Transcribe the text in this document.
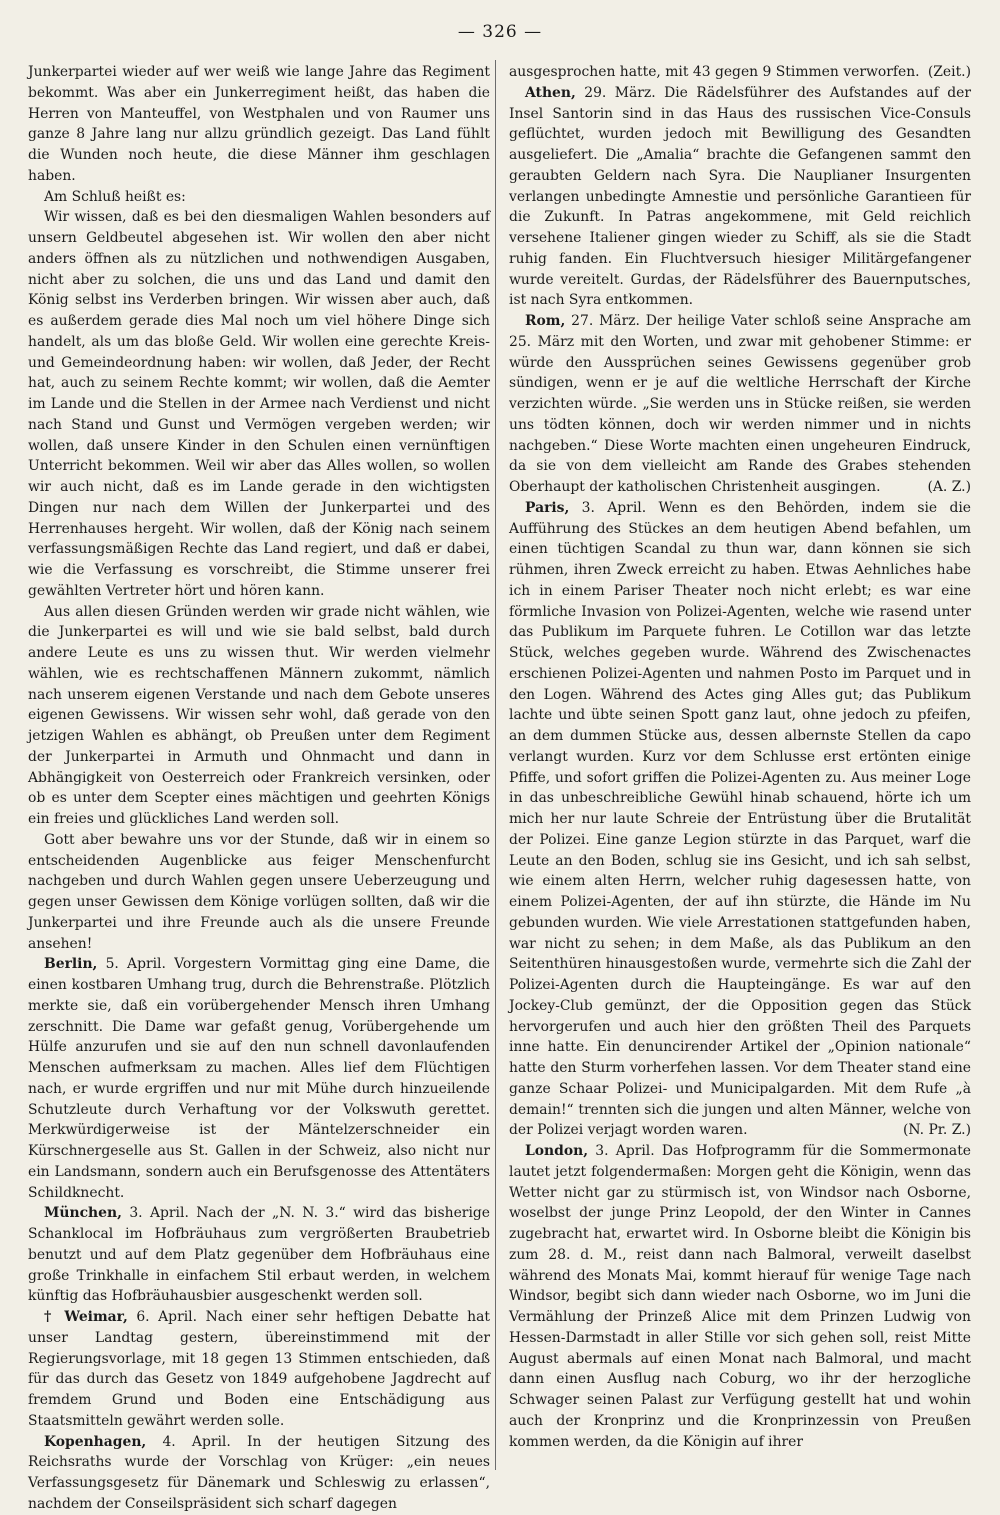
— 326 —

Junkerpartei wieder auf wer weiß wie lange Jahre das Regiment bekommt. Was aber ein Junkerregiment heißt, das haben die Herren von Manteuffel, von Westphalen und von Raumer uns ganze 8 Jahre lang nur allzu gründlich gezeigt. Das Land fühlt die Wunden noch heute, die diese Männer ihm geschlagen haben.

Am Schluß heißt es:

Wir wissen, daß es bei den diesmaligen Wahlen besonders auf unsern Geldbeutel abgesehen ist. Wir wollen den aber nicht anders öffnen als zu nützlichen und nothwendigen Ausgaben, nicht aber zu solchen, die uns und das Land und damit den König selbst ins Verderben bringen. Wir wissen aber auch, daß es außerdem gerade dies Mal noch um viel höhere Dinge sich handelt, als um das bloße Geld. Wir wollen eine gerechte Kreis- und Gemeindeordnung haben: wir wollen, daß Jeder, der Recht hat, auch zu seinem Rechte kommt; wir wollen, daß die Aemter im Lande und die Stellen in der Armee nach Verdienst und nicht nach Stand und Gunst und Vermögen vergeben werden; wir wollen, daß unsere Kinder in den Schulen einen vernünftigen Unterricht bekommen. Weil wir aber das Alles wollen, so wollen wir auch nicht, daß es im Lande gerade in den wichtigsten Dingen nur nach dem Willen der Junkerpartei und des Herrenhauses hergeht. Wir wollen, daß der König nach seinem verfassungsmäßigen Rechte das Land regiert, und daß er dabei, wie die Verfassung es vorschreibt, die Stimme unserer frei gewählten Vertreter hört und hören kann.

Aus allen diesen Gründen werden wir grade nicht wählen, wie die Junkerpartei es will und wie sie bald selbst, bald durch andere Leute es uns zu wissen thut. Wir werden vielmehr wählen, wie es rechtschaffenen Männern zukommt, nämlich nach unserem eigenen Verstande und nach dem Gebote unseres eigenen Gewissens. Wir wissen sehr wohl, daß gerade von den jetzigen Wahlen es abhängt, ob Preußen unter dem Regiment der Junkerpartei in Armuth und Ohnmacht und dann in Abhängigkeit von Oesterreich oder Frankreich versinken, oder ob es unter dem Scepter eines mächtigen und geehrten Königs ein freies und glückliches Land werden soll.

Gott aber bewahre uns vor der Stunde, daß wir in einem so entscheidenden Augenblicke aus feiger Menschenfurcht nachgeben und durch Wahlen gegen unsere Ueberzeugung und gegen unser Gewissen dem Könige vorlügen sollten, daß wir die Junkerpartei und ihre Freunde auch als die unsere Freunde ansehen!

Berlin, 5. April. Vorgestern Vormittag ging eine Dame, die einen kostbaren Umhang trug, durch die Behrenstraße. Plötzlich merkte sie, daß ein vorübergehender Mensch ihren Umhang zerschnitt. Die Dame war gefaßt genug, Vorübergehende um Hülfe anzurufen und sie auf den nun schnell davonlaufenden Menschen aufmerksam zu machen. Alles lief dem Flüchtigen nach, er wurde ergriffen und nur mit Mühe durch hinzueilende Schutzleute durch Verhaftung vor der Volkswuth gerettet. Merkwürdigerweise ist der Mäntelzerschneider ein Kürschnergeselle aus St. Gallen in der Schweiz, also nicht nur ein Landsmann, sondern auch ein Berufsgenosse des Attentäters Schildknecht.

München, 3. April. Nach der „N. N. 3.“ wird das bisherige Schanklocal im Hofbräuhaus zum vergrößerten Braubetrieb benutzt und auf dem Platz gegenüber dem Hofbräuhaus eine große Trinkhalle in einfachem Stil erbaut werden, in welchem künftig das Hofbräuhausbier ausgeschenkt werden soll.

† Weimar, 6. April. Nach einer sehr heftigen Debatte hat unser Landtag gestern, übereinstimmend mit der Regierungsvorlage, mit 18 gegen 13 Stimmen entschieden, daß für das durch das Gesetz von 1849 aufgehobene Jagdrecht auf fremdem Grund und Boden eine Entschädigung aus Staatsmitteln gewährt werden solle.

Kopenhagen, 4. April. In der heutigen Sitzung des Reichsraths wurde der Vorschlag von Krüger: „ein neues Verfassungsgesetz für Dänemark und Schleswig zu erlassen“, nachdem der Conseilspräsident sich scharf dagegen

ausgesprochen hatte, mit 43 gegen 9 Stimmen verworfen. (Zeit.)

Athen, 29. März. Die Rädelsführer des Aufstandes auf der Insel Santorin sind in das Haus des russischen Vice-Consuls geflüchtet, wurden jedoch mit Bewilligung des Gesandten ausgeliefert. Die „Amalia“ brachte die Gefangenen sammt den geraubten Geldern nach Syra. Die Nauplianer Insurgenten verlangen unbedingte Amnestie und persönliche Garantieen für die Zukunft. In Patras angekommene, mit Geld reichlich versehene Italiener gingen wieder zu Schiff, als sie die Stadt ruhig fanden. Ein Fluchtversuch hiesiger Militärgefangener wurde vereitelt. Gurdas, der Rädelsführer des Bauernputsches, ist nach Syra entkommen.

Rom, 27. März. Der heilige Vater schloß seine Ansprache am 25. März mit den Worten, und zwar mit gehobener Stimme: er würde den Aussprüchen seines Gewissens gegenüber grob sündigen, wenn er je auf die weltliche Herrschaft der Kirche verzichten würde. „Sie werden uns in Stücke reißen, sie werden uns tödten können, doch wir werden nimmer und in nichts nachgeben.“ Diese Worte machten einen ungeheuren Eindruck, da sie von dem vielleicht am Rande des Grabes stehenden Oberhaupt der katholischen Christenheit ausgingen.	(A. Z.)

Paris, 3. April. Wenn es den Behörden, indem sie die Aufführung des Stückes an dem heutigen Abend befahlen, um einen tüchtigen Scandal zu thun war, dann können sie sich rühmen, ihren Zweck erreicht zu haben. Etwas Aehnliches habe ich in einem Pariser Theater noch nicht erlebt; es war eine förmliche Invasion von Polizei-Agenten, welche wie rasend unter das Publikum im Parquete fuhren. Le Cotillon war das letzte Stück, welches gegeben wurde. Während des Zwischenactes erschienen Polizei-Agenten und nahmen Posto im Parquet und in den Logen. Während des Actes ging Alles gut; das Publikum lachte und übte seinen Spott ganz laut, ohne jedoch zu pfeifen, an dem dummen Stücke aus, dessen albernste Stellen da capo verlangt wurden. Kurz vor dem Schlusse erst ertönten einige Pfiffe, und sofort griffen die Polizei-Agenten zu. Aus meiner Loge in das unbeschreibliche Gewühl hinab schauend, hörte ich um mich her nur laute Schreie der Entrüstung über die Brutalität der Polizei. Eine ganze Legion stürzte in das Parquet, warf die Leute an den Boden, schlug sie ins Gesicht, und ich sah selbst, wie einem alten Herrn, welcher ruhig dagesessen hatte, von einem Polizei-Agenten, der auf ihn stürzte, die Hände im Nu gebunden wurden. Wie viele Arrestationen stattgefunden haben, war nicht zu sehen; in dem Maße, als das Publikum an den Seitenthüren hinausgestoßen wurde, vermehrte sich die Zahl der Polizei-Agenten durch die Haupteingänge. Es war auf den Jockey-Club gemünzt, der die Opposition gegen das Stück hervorgerufen und auch hier den größten Theil des Parquets inne hatte. Ein denuncirender Artikel der „Opinion nationale“ hatte den Sturm vorherfehen lassen. Vor dem Theater stand eine ganze Schaar Polizei- und Municipalgarden. Mit dem Rufe „à demain!“ trennten sich die jungen und alten Männer, welche von der Polizei verjagt worden waren.	(N. Pr. Z.)

London, 3. April. Das Hofprogramm für die Sommermonate lautet jetzt folgendermaßen: Morgen geht die Königin, wenn das Wetter nicht gar zu stürmisch ist, von Windsor nach Osborne, woselbst der junge Prinz Leopold, der den Winter in Cannes zugebracht hat, erwartet wird. In Osborne bleibt die Königin bis zum 28. d. M., reist dann nach Balmoral, verweilt daselbst während des Monats Mai, kommt hierauf für wenige Tage nach Windsor, begibt sich dann wieder nach Osborne, wo im Juni die Vermählung der Prinzeß Alice mit dem Prinzen Ludwig von Hessen-Darmstadt in aller Stille vor sich gehen soll, reist Mitte August abermals auf einen Monat nach Balmoral, und macht dann einen Ausflug nach Coburg, wo ihr der herzogliche Schwager seinen Palast zur Verfügung gestellt hat und wohin auch der Kronprinz und die Kronprinzessin von Preußen kommen werden, da die Königin auf ihrer
